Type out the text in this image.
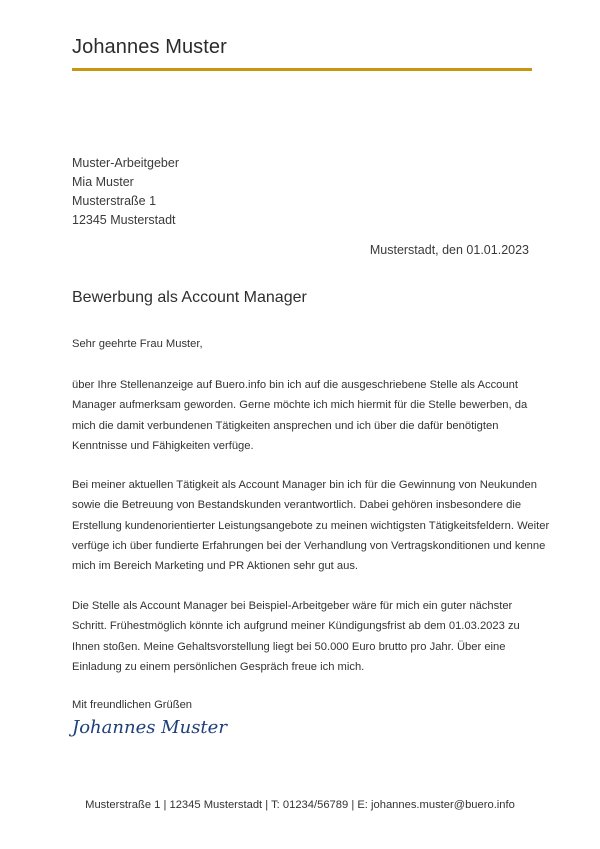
Johannes Muster
Muster-Arbeitgeber
Mia Muster
Musterstraße 1
12345 Musterstadt
Musterstadt, den 01.01.2023
Bewerbung als Account Manager
Sehr geehrte Frau Muster,
über Ihre Stellenanzeige auf Buero.info bin ich auf die ausgeschriebene Stelle als Account
Manager aufmerksam geworden. Gerne möchte ich mich hiermit für die Stelle bewerben, da
mich die damit verbundenen Tätigkeiten ansprechen und ich über die dafür benötigten
Kenntnisse und Fähigkeiten verfüge.
Bei meiner aktuellen Tätigkeit als Account Manager bin ich für die Gewinnung von Neukunden
sowie die Betreuung von Bestandskunden verantwortlich. Dabei gehören insbesondere die
Erstellung kundenorientierter Leistungsangebote zu meinen wichtigsten Tätigkeitsfeldern. Weiter
verfüge ich über fundierte Erfahrungen bei der Verhandlung von Vertragskonditionen und kenne
mich im Bereich Marketing und PR Aktionen sehr gut aus.
Die Stelle als Account Manager bei Beispiel-Arbeitgeber wäre für mich ein guter nächster
Schritt. Frühestmöglich könnte ich aufgrund meiner Kündigungsfrist ab dem 01.03.2023 zu
Ihnen stoßen. Meine Gehaltsvorstellung liegt bei 50.000 Euro brutto pro Jahr. Über eine
Einladung zu einem persönlichen Gespräch freue ich mich.
Mit freundlichen Grüßen
Johannes Muster
Musterstraße 1 | 12345 Musterstadt | T: 01234/56789 | E: johannes.muster@buero.info
